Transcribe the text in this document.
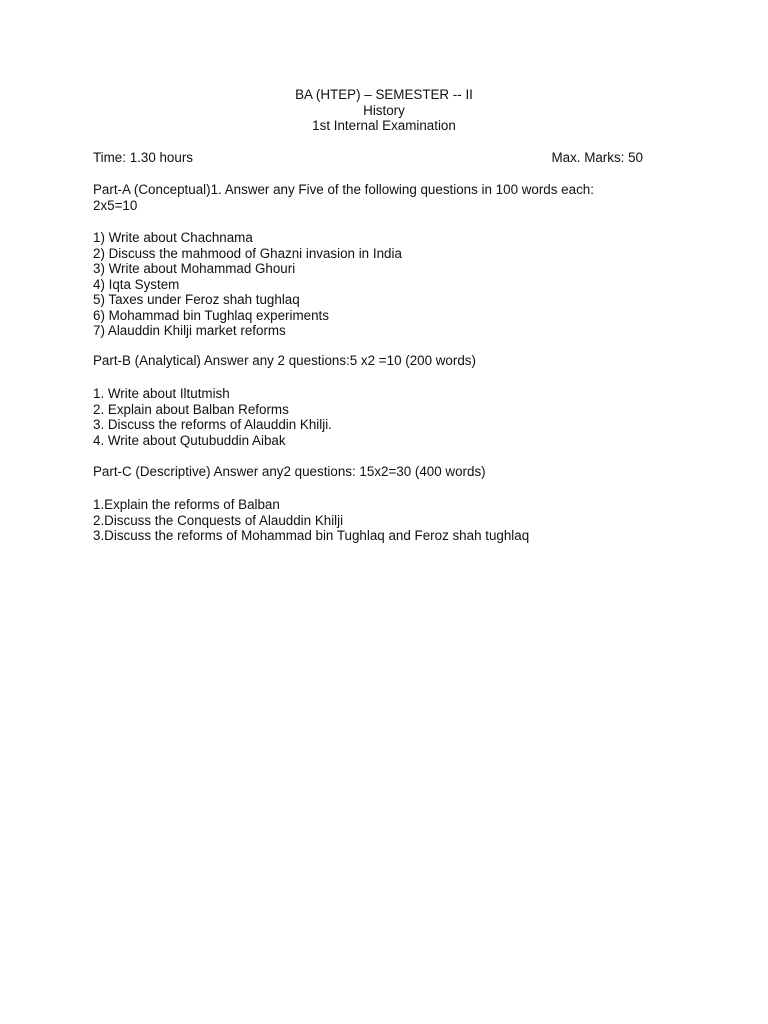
BA (HTEP) – SEMESTER -- II
History
1st Internal Examination
Time: 1.30 hours	Max. Marks: 50
Part-A (Conceptual)1. Answer any Five of the following questions in 100 words each:
2x5=10
1) Write about Chachnama
2) Discuss the mahmood of Ghazni invasion in India
3) Write about Mohammad Ghouri
4) Iqta System
5) Taxes under Feroz shah tughlaq
6) Mohammad bin Tughlaq experiments
7) Alauddin Khilji market reforms
Part-B (Analytical) Answer any 2 questions:5 x2 =10 (200 words)
1. Write about Iltutmish
2. Explain about Balban Reforms
3. Discuss the reforms of Alauddin Khilji.
4. Write about Qutubuddin Aibak
Part-C (Descriptive) Answer any2 questions: 15x2=30 (400 words)
1.Explain the reforms of Balban
2.Discuss the Conquests of Alauddin Khilji
3.Discuss the reforms of Mohammad bin Tughlaq and Feroz shah tughlaq
